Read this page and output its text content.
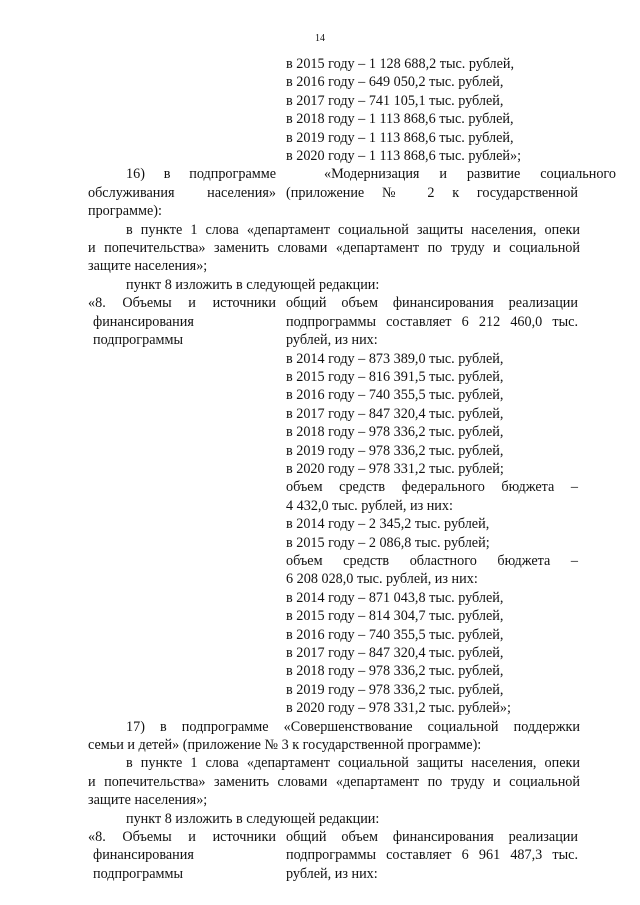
14
в 2015 году – 1 128 688,2 тыс. рублей,
в 2016 году – 649 050,2 тыс. рублей,
в 2017 году – 741 105,1 тыс. рублей,
в 2018 году – 1 113 868,6 тыс. рублей,
в 2019 году – 1 113 868,6 тыс. рублей,
в 2020 году – 1 113 868,6 тыс. рублей»;
16) в подпрограмме	«Модернизация и развитие социального
обслуживания населения» (приложение № 2 к государственной
программе):
в пункте 1 слова «департамент социальной защиты населения, опеки
и попечительства» заменить словами «департамент по труду и социальной
защите населения»;
пункт 8 изложить в следующей редакции:
«8. Объемы и источники
финансирования
подпрограммы
общий объем финансирования реализации
подпрограммы составляет 6 212 460,0 тыс.
рублей, из них:
в 2014 году – 873 389,0 тыс. рублей,
в 2015 году – 816 391,5 тыс. рублей,
в 2016 году – 740 355,5 тыс. рублей,
в 2017 году – 847 320,4 тыс. рублей,
в 2018 году – 978 336,2 тыс. рублей,
в 2019 году – 978 336,2 тыс. рублей,
в 2020 году – 978 331,2 тыс. рублей;
объем средств федерального бюджета –
4 432,0 тыс. рублей, из них:
в 2014 году – 2 345,2 тыс. рублей,
в 2015 году – 2 086,8 тыс. рублей;
объем средств областного бюджета –
6 208 028,0 тыс. рублей, из них:
в 2014 году – 871 043,8 тыс. рублей,
в 2015 году – 814 304,7 тыс. рублей,
в 2016 году – 740 355,5 тыс. рублей,
в 2017 году – 847 320,4 тыс. рублей,
в 2018 году – 978 336,2 тыс. рублей,
в 2019 году – 978 336,2 тыс. рублей,
в 2020 году – 978 331,2 тыс. рублей»;
17) в подпрограмме «Совершенствование социальной поддержки
семьи и детей» (приложение № 3 к государственной программе):
в пункте 1 слова «департамент социальной защиты населения, опеки
и попечительства» заменить словами «департамент по труду и социальной
защите населения»;
пункт 8 изложить в следующей редакции:
«8. Объемы и источники
финансирования
подпрограммы
общий объем финансирования реализации
подпрограммы составляет 6 961 487,3 тыс.
рублей, из них:
